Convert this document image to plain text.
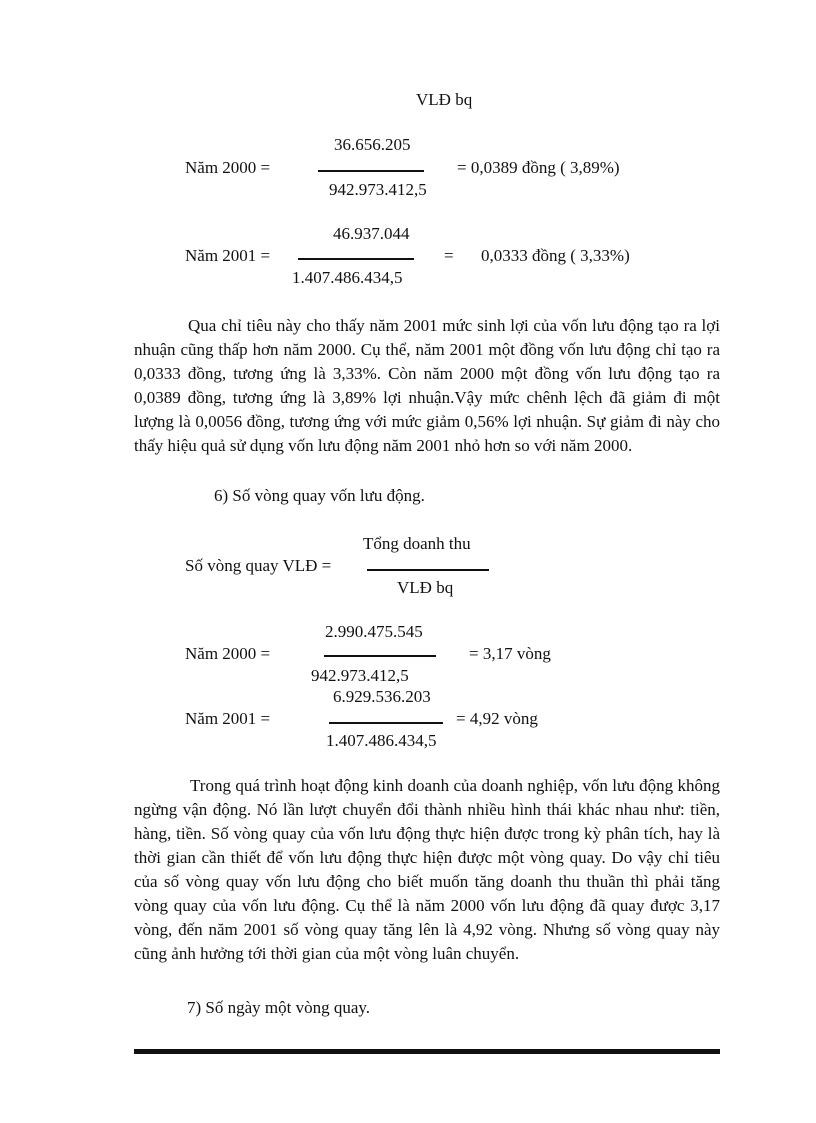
VLĐ bq
36.656.205
Năm 2000 =	= 0,0389 đồng ( 3,89%)
942.973.412,5
46.937.044
Năm 2001 =	= 0,0333 đồng ( 3,33%)
1.407.486.434,5
Qua chỉ tiêu này cho thấy năm 2001 mức sinh lợi của vốn lưu động tạo ra lợi nhuận cũng thấp hơn năm 2000. Cụ thể, năm 2001 một đồng vốn lưu động chỉ tạo ra 0,0333 đồng, tương ứng là 3,33%. Còn năm 2000 một đồng vốn lưu động tạo ra 0,0389 đồng, tương ứng là 3,89% lợi nhuận.Vậy mức chênh lệch đã giảm đi một lượng là 0,0056 đồng, tương ứng với mức giảm 0,56% lợi nhuận. Sự giảm đi này cho thấy hiệu quả sử dụng vốn lưu động năm 2001 nhỏ hơn so với năm 2000.
6) Số vòng quay vốn lưu động.
Tổng doanh thu
Số vòng quay VLĐ =
VLĐ bq
2.990.475.545
Năm 2000 =	= 3,17 vòng
942.973.412,5
6.929.536.203
Năm 2001 =	= 4,92 vòng
1.407.486.434,5
Trong quá trình hoạt động kinh doanh của doanh nghiệp, vốn lưu động không ngừng vận động. Nó lần lượt chuyển đổi thành nhiều hình thái khác nhau như: tiền, hàng, tiền. Số vòng quay của vốn lưu động thực hiện được trong kỳ phân tích, hay là thời gian cần thiết để vốn lưu động thực hiện được một vòng quay. Do vậy chỉ tiêu của số vòng quay vốn lưu động cho biết muốn tăng doanh thu thuần thì phải tăng vòng quay của vốn lưu động. Cụ thể là năm 2000 vốn lưu động đã quay được 3,17 vòng, đến năm 2001 số vòng quay tăng lên là 4,92 vòng. Nhưng số vòng quay này cũng ảnh hưởng tới thời gian của một vòng luân chuyển.
7) Số ngày một vòng quay.
